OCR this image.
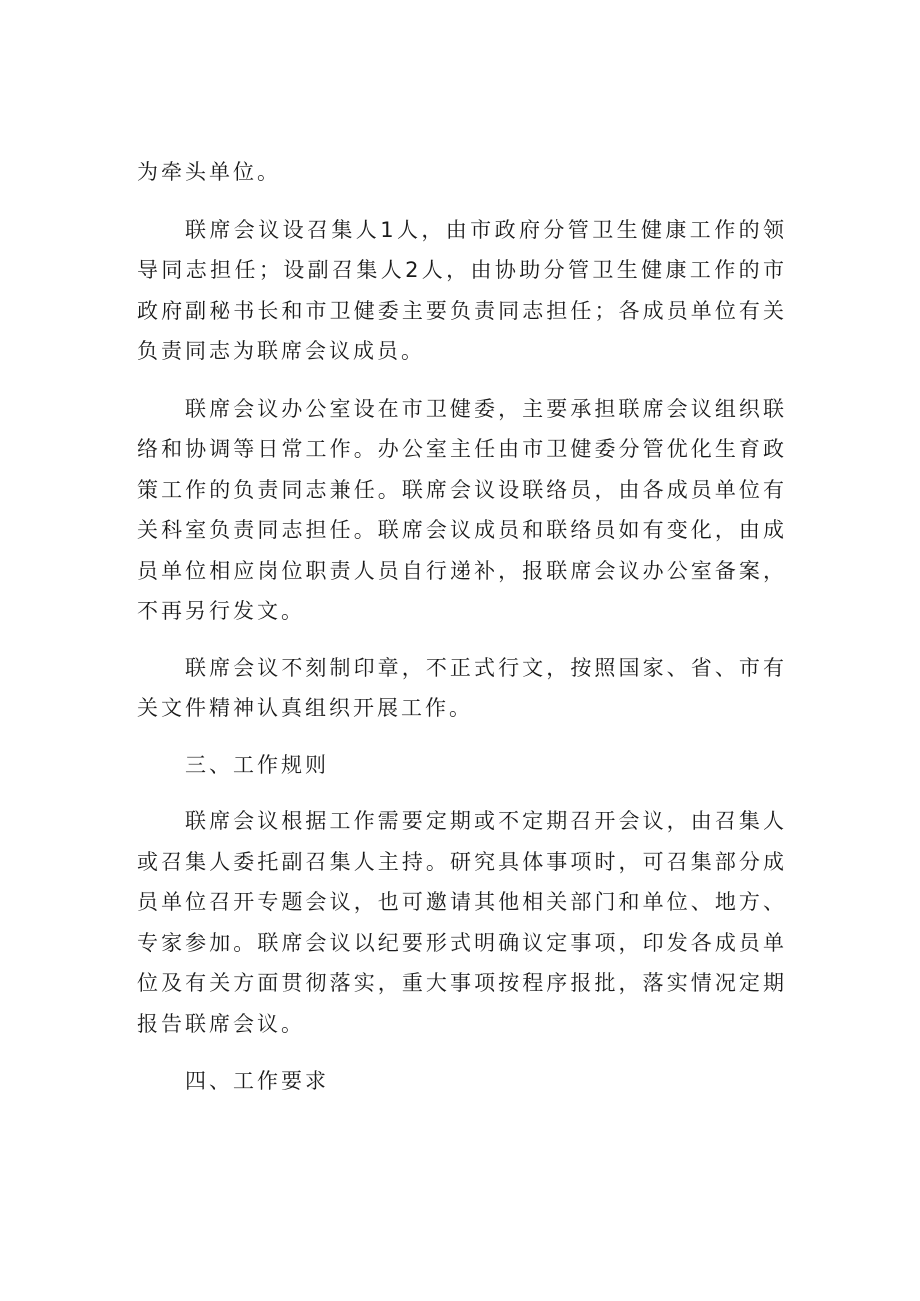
为牵头单位。

联席会议设召集人1人，由市政府分管卫生健康工作的领导同志担任；设副召集人2人，由协助分管卫生健康工作的市政府副秘书长和市卫健委主要负责同志担任；各成员单位有关负责同志为联席会议成员。

联席会议办公室设在市卫健委，主要承担联席会议组织联络和协调等日常工作。办公室主任由市卫健委分管优化生育政策工作的负责同志兼任。联席会议设联络员，由各成员单位有关科室负责同志担任。联席会议成员和联络员如有变化，由成员单位相应岗位职责人员自行递补，报联席会议办公室备案，不再另行发文。

联席会议不刻制印章，不正式行文，按照国家、省、市有关文件精神认真组织开展工作。

三、工作规则

联席会议根据工作需要定期或不定期召开会议，由召集人或召集人委托副召集人主持。研究具体事项时，可召集部分成员单位召开专题会议，也可邀请其他相关部门和单位、地方、专家参加。联席会议以纪要形式明确议定事项，印发各成员单位及有关方面贯彻落实，重大事项按程序报批，落实情况定期报告联席会议。

四、工作要求
